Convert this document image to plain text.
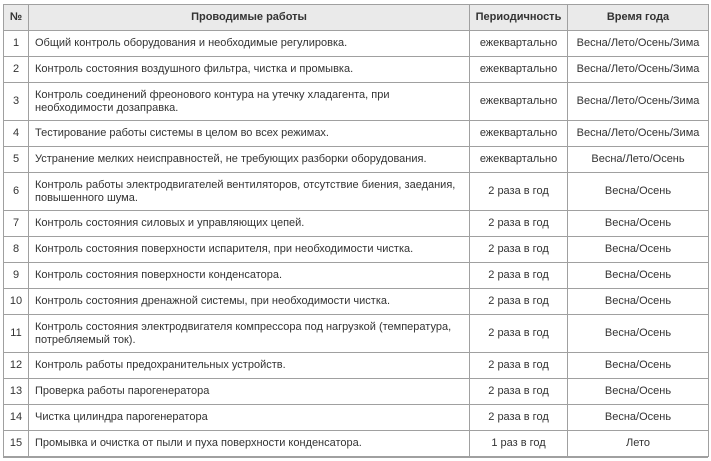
№	Проводимые работы	Периодичность	Время года
1	Общий контроль оборудования и необходимые регулировка.	ежеквартально	Весна/Лето/Осень/Зима
2	Контроль состояния воздушного фильтра, чистка и промывка.	ежеквартально	Весна/Лето/Осень/Зима
3	Контроль соединений фреонового контура на утечку хладагента, при необходимости дозаправка.	ежеквартально	Весна/Лето/Осень/Зима
4	Тестирование работы системы в целом во всех режимах.	ежеквартально	Весна/Лето/Осень/Зима
5	Устранение мелких неисправностей, не требующих разборки оборудования.	ежеквартально	Весна/Лето/Осень
6	Контроль работы электродвигателей вентиляторов, отсутствие биения, заедания, повышенного шума.	2 раза в год	Весна/Осень
7	Контроль состояния силовых и управляющих цепей.	2 раза в год	Весна/Осень
8	Контроль состояния поверхности испарителя, при необходимости чистка.	2 раза в год	Весна/Осень
9	Контроль состояния поверхности конденсатора.	2 раза в год	Весна/Осень
10	Контроль состояния дренажной системы, при необходимости чистка.	2 раза в год	Весна/Осень
11	Контроль состояния электродвигателя компрессора под нагрузкой (температура, потребляемый ток).	2 раза в год	Весна/Осень
12	Контроль работы предохранительных устройств.	2 раза в год	Весна/Осень
13	Проверка работы парогенератора	2 раза в год	Весна/Осень
14	Чистка цилиндра парогенератора	2 раза в год	Весна/Осень
15	Промывка и очистка от пыли и пуха поверхности конденсатора.	1 раз в год	Лето
